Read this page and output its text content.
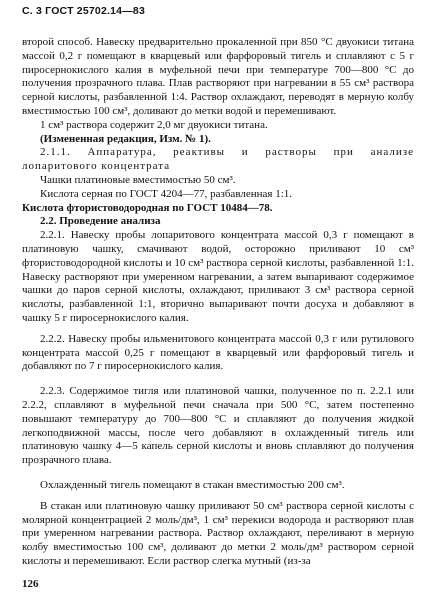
С. 3 ГОСТ 25702.14—83

второй способ. Навеску предварительно прокаленной при 850 °С двуокиси титана массой 0,2 г помещают в кварцевый или фарфоровый тигель и сплавляют с 5 г пиросернокислого калия в муфельной печи при температуре 700—800 °С до получения прозрачного плава. Плав растворяют при нагревании в 55 см³ раствора серной кислоты, разбавленной 1:4. Раствор охлаждают, переводят в мерную колбу вместимостью 100 см³, доливают до метки водой и перемешивают.

1 см³ раствора содержит 2,0 мг двуокиси титана.

(Измененная редакция, Изм. № 1).

2.1.1. Аппаратура, реактивы и растворы при анализе лопаритового концентрата

Чашки платиновые вместимостью 50 см³.

Кислота серная по ГОСТ 4204—77, разбавленная 1:1.

Кислота фтористоводородная по ГОСТ 10484—78.

2.2. Проведение анализа

2.2.1. Навеску пробы лопаритового концентрата массой 0,3 г помещают в платиновую чашку, смачивают водой, осторожно приливают 10 см³ фтористоводородной кислоты и 10 см³ раствора серной кислоты, разбавленной 1:1. Навеску растворяют при умеренном нагревании, а затем выпаривают содержимое чашки до паров серной кислоты, охлаждают, приливают 3 см³ раствора серной кислоты, разбавленной 1:1, вторично выпаривают почти досуха и добавляют в чашку 5 г пиросернокислого калия.

2.2.2. Навеску пробы ильменитового концентрата массой 0,3 г или рутилового концентрата массой 0,25 г помещают в кварцевый или фарфоровый тигель и добавляют по 7 г пиросернокислого калия.

2.2.3. Содержимое тигля или платиновой чашки, полученное по п. 2.2.1 или 2.2.2, сплавляют в муфельной печи сначала при 500 °С, затем постепенно повышают температуру до 700—800 °С и сплавляют до получения жидкой легкоподвижной массы, после чего добавляют в охлажденный тигель или платиновую чашку 4—5 капель серной кислоты и вновь сплавляют до получения прозрачного плава.

Охлажденный тигель помещают в стакан вместимостью 200 см³.

В стакан или платиновую чашку приливают 50 см³ раствора серной кислоты с молярной концентрацией 2 моль/дм³, 1 см³ перекиси водорода и растворяют плав при умеренном нагревании раствора. Раствор охлаждают, переливают в мерную колбу вместимостью 100 см³, доливают до метки 2 моль/дм³ раствором серной кислоты и перемешивают. Если раствор слегка мутный (из-за

126
